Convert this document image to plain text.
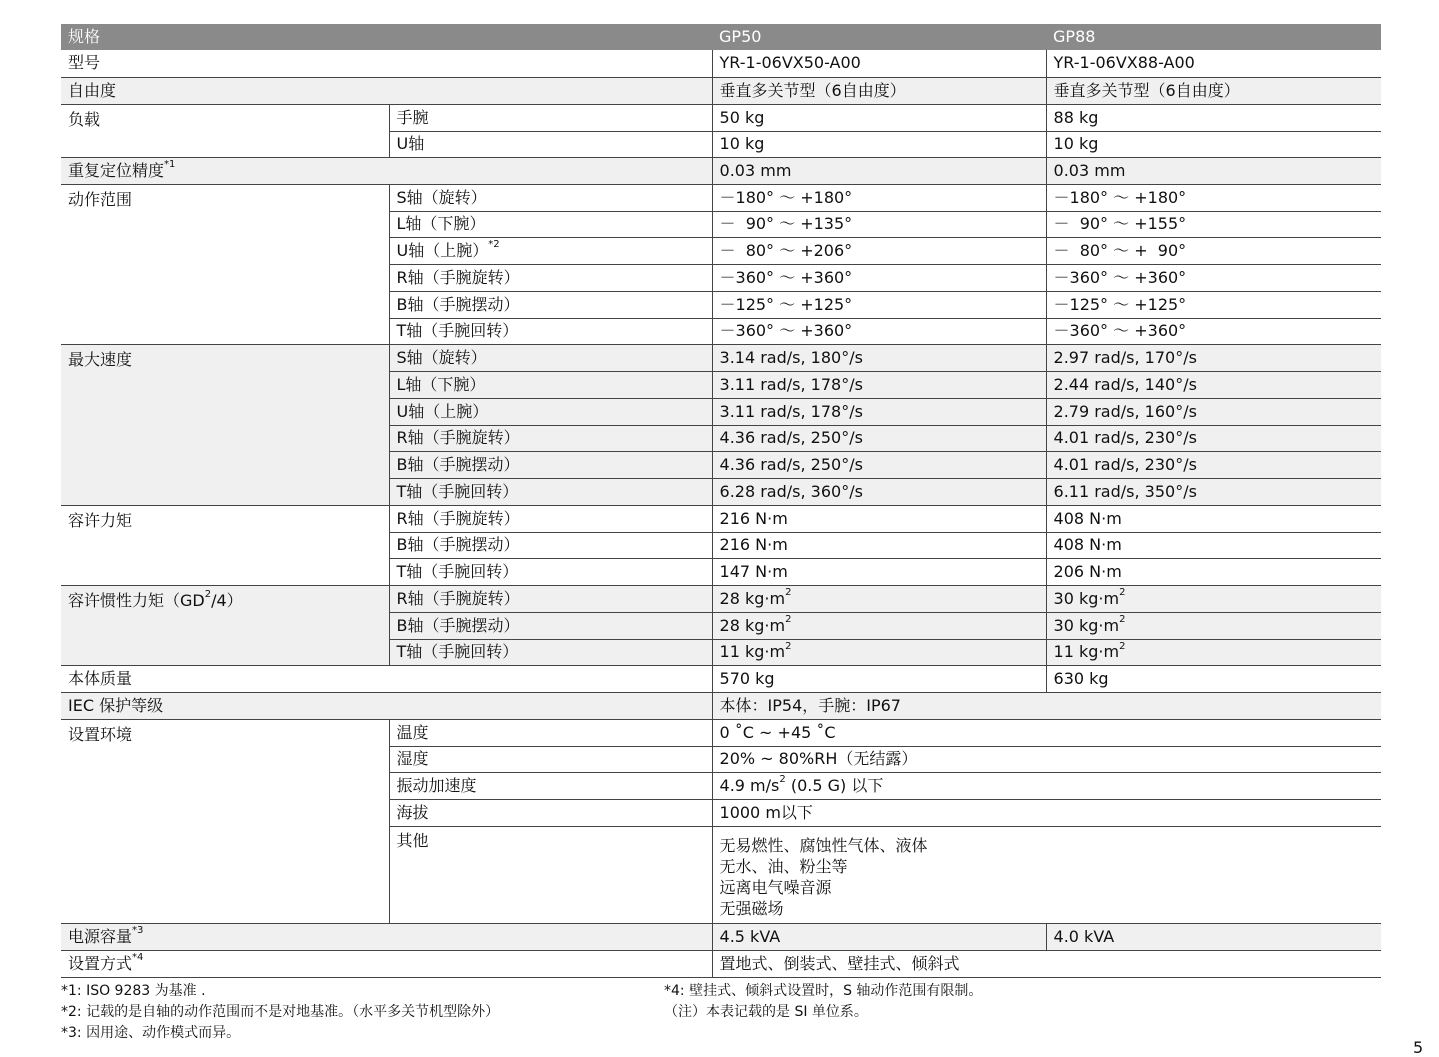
规格		GP50	GP88
型号		YR-1-06VX50-A00	YR-1-06VX88-A00
自由度		垂直多关节型（6自由度）	垂直多关节型（6自由度）
负载	手腕	50 kg	88 kg
	U轴	10 kg	10 kg
重复定位精度$^{*1}$		0.03 mm	0.03 mm
动作范围	S轴（旋转）	－180° ～ +180°	－180° ～ +180°
	L轴（下腕）	－  90° ～ +135°	－  90° ～ +155°
	U轴（上腕）$^{*2}$	－  80° ～ +206°	－  80° ～ +  90°
	R轴（手腕旋转）	－360° ～ +360°	－360° ～ +360°
	B轴（手腕摆动）	－125° ～ +125°	－125° ～ +125°
	T轴（手腕回转）	－360° ～ +360°	－360° ～ +360°
最大速度	S轴（旋转）	3.14 rad/s, 180°/s	2.97 rad/s, 170°/s
	L轴（下腕）	3.11 rad/s, 178°/s	2.44 rad/s, 140°/s
	U轴（上腕）	3.11 rad/s, 178°/s	2.79 rad/s, 160°/s
	R轴（手腕旋转）	4.36 rad/s, 250°/s	4.01 rad/s, 230°/s
	B轴（手腕摆动）	4.36 rad/s, 250°/s	4.01 rad/s, 230°/s
	T轴（手腕回转）	6.28 rad/s, 360°/s	6.11 rad/s, 350°/s
容许力矩	R轴（手腕旋转）	216 N·m	408 N·m
	B轴（手腕摆动）	216 N·m	408 N·m
	T轴（手腕回转）	147 N·m	206 N·m
容许惯性力矩$(GD^2/4)$	R轴（手腕旋转）	28 $kg\cdot m^2$	30 $kg\cdot m^2$
	B轴（手腕摆动）	28 $kg\cdot m^2$	30 $kg\cdot m^2$
	T轴（手腕回转）	11 $kg\cdot m^2$	11 $kg\cdot m^2$
本体质量		570 kg	630 kg
IEC 保护等级		本体：IP54，手腕：IP67	
设置环境	温度	0 ˚C ~ +45 ˚C	
	湿度	20% ~ 80%RH（无结露）	
	振动加速度	4.9 $m/s^2$ (0.5 G) 以下	
	海拔	1000 m以下	
	其他	无易燃性、腐蚀性气体、液体
无水、油、粉尘等
远离电气噪音源
无强磁场	

电源容量$^{*3}$		4.5 kVA	4.0 kVA
设置方式$^{*4}$		置地式、倒装式、壁挂式、倾斜式	
*1: ISO 9283 为基准 .
*2: 记载的是自轴的动作范围而不是对地基准。（水平多关节机型除外）
*3: 因用途、动作模式而异。
*4: 壁挂式、倾斜式设置时，S 轴动作范围有限制。
（注）本表记载的是 SI 单位系。
5
